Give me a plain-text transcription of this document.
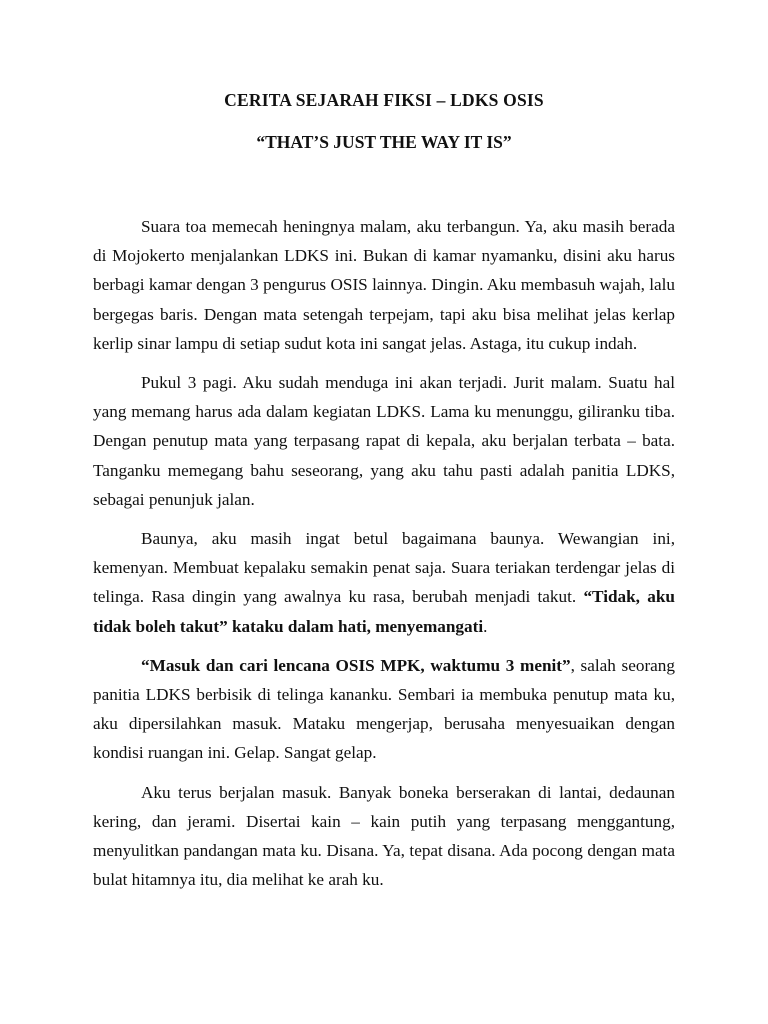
CERITA SEJARAH FIKSI – LDKS OSIS
“THAT’S JUST THE WAY IT IS”

Suara toa memecah heningnya malam, aku terbangun. Ya, aku masih berada di Mojokerto menjalankan LDKS ini. Bukan di kamar nyamanku, disini aku harus berbagi kamar dengan 3 pengurus OSIS lainnya. Dingin. Aku membasuh wajah, lalu bergegas baris. Dengan mata setengah terpejam, tapi aku bisa melihat jelas kerlap kerlip sinar lampu di setiap sudut kota ini sangat jelas. Astaga, itu cukup indah.

Pukul 3 pagi. Aku sudah menduga ini akan terjadi. Jurit malam. Suatu hal yang memang harus ada dalam kegiatan LDKS. Lama ku menunggu, giliranku tiba. Dengan penutup mata yang terpasang rapat di kepala, aku berjalan terbata – bata. Tanganku memegang bahu seseorang, yang aku tahu pasti adalah panitia LDKS, sebagai penunjuk jalan.

Baunya, aku masih ingat betul bagaimana baunya. Wewangian ini, kemenyan. Membuat kepalaku semakin penat saja. Suara teriakan terdengar jelas di telinga. Rasa dingin yang awalnya ku rasa, berubah menjadi takut. “Tidak, aku tidak boleh takut” kataku dalam hati, menyemangati.

“Masuk dan cari lencana OSIS MPK, waktumu 3 menit”, salah seorang panitia LDKS berbisik di telinga kananku. Sembari ia membuka penutup mata ku, aku dipersilahkan masuk. Mataku mengerjap, berusaha menyesuaikan dengan kondisi ruangan ini. Gelap. Sangat gelap.

Aku terus berjalan masuk. Banyak boneka berserakan di lantai, dedaunan kering, dan jerami. Disertai kain – kain putih yang terpasang menggantung, menyulitkan pandangan mata ku. Disana. Ya, tepat disana. Ada pocong dengan mata bulat hitamnya itu, dia melihat ke arah ku.
